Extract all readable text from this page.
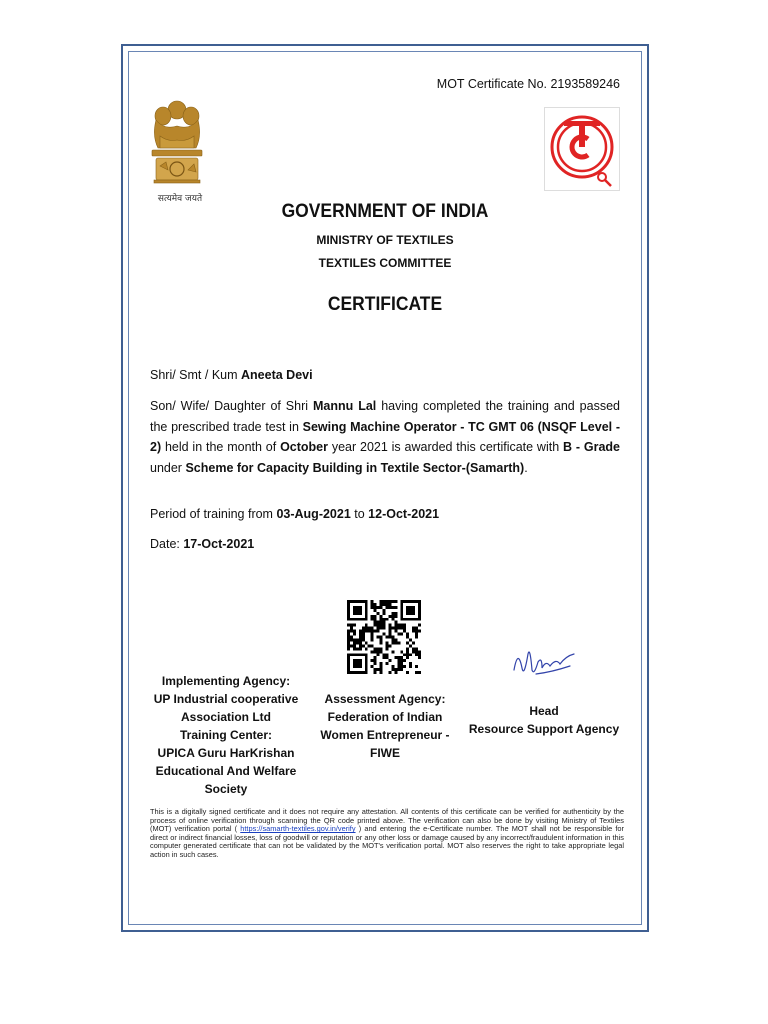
MOT Certificate No. 2193589246
सत्यमेव जयते
GOVERNMENT OF INDIA
MINISTRY OF TEXTILES
TEXTILES COMMITTEE
CERTIFICATE
Shri/ Smt / Kum Aneeta Devi
Son/ Wife/ Daughter of Shri Mannu Lal having completed the training and passed the prescribed trade test in Sewing Machine Operator - TC GMT 06 (NSQF Level - 2) held in the month of October year 2021 is awarded this certificate with B - Grade under Scheme for Capacity Building in Textile Sector-(Samarth).
Period of training from 03-Aug-2021 to 12-Oct-2021
Date: 17-Oct-2021
Implementing Agency:
UP Industrial cooperative Association Ltd
Training Center:
UPICA Guru HarKrishan Educational And Welfare Society
Assessment Agency:
Federation of Indian Women Entrepreneur - FIWE
Head
Resource Support Agency
This is a digitally signed certificate and it does not require any attestation. All contents of this certificate can be verified for authenticity by the process of online verification through scanning the QR code printed above. The verification can also be done by visiting Ministry of Textiles (MOT) verification portal ( https://samarth-textiles.gov.in/verify ) and entering the e-Certificate number. The MOT shall not be responsible for direct or indirect financial losses, loss of goodwill or reputation or any other loss or damage caused by any incorrect/fraudulent information in this computer generated certificate that can not be validated by the MOT's verification portal. MOT also reserves the right to take appropriate legal action in such cases.
